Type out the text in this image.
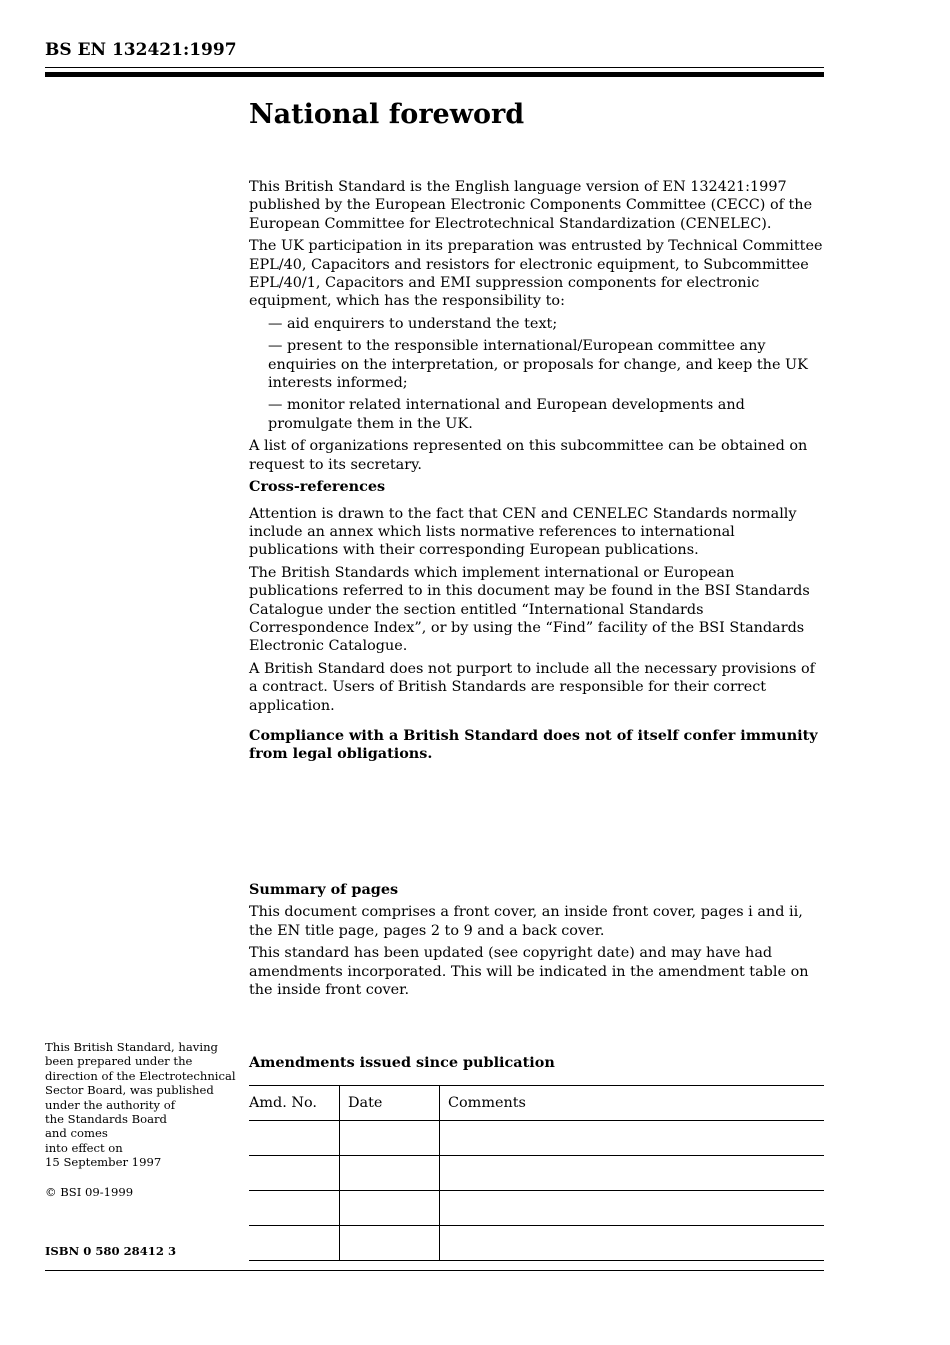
BS EN 132421:1997
National foreword

This British Standard is the English language version of EN 132421:1997 published by the European Electronic Components Committee (CECC) of the European Committee for Electrotechnical Standardization (CENELEC).

The UK participation in its preparation was entrusted by Technical Committee EPL/40, Capacitors and resistors for electronic equipment, to Subcommittee EPL/40/1, Capacitors and EMI suppression components for electronic equipment, which has the responsibility to:

— aid enquirers to understand the text;

— present to the responsible international/European committee any enquiries on the interpretation, or proposals for change, and keep the UK interests informed;

— monitor related international and European developments and promulgate them in the UK.

A list of organizations represented on this subcommittee can be obtained on request to its secretary.

Cross-references

Attention is drawn to the fact that CEN and CENELEC Standards normally include an annex which lists normative references to international publications with their corresponding European publications.

The British Standards which implement international or European publications referred to in this document may be found in the BSI Standards Catalogue under the section entitled “International Standards Correspondence Index”, or by using the “Find” facility of the BSI Standards Electronic Catalogue.

A British Standard does not purport to include all the necessary provisions of a contract. Users of British Standards are responsible for their correct application.

Compliance with a British Standard does not of itself confer immunity from legal obligations.

Summary of pages

This document comprises a front cover, an inside front cover, pages i and ii, the EN title page, pages 2 to 9 and a back cover.

This standard has been updated (see copyright date) and may have had amendments incorporated. This will be indicated in the amendment table on the inside front cover.

This British Standard, having

been prepared under the

direction of the Electrotechnical

Sector Board, was published

under the authority of

the Standards Board

and comes

into effect on

15 September 1997

© BSI 09-1999
ISBN 0 580 28412 3
Amendments issued since publication
Amd. No.	Date	Comments
